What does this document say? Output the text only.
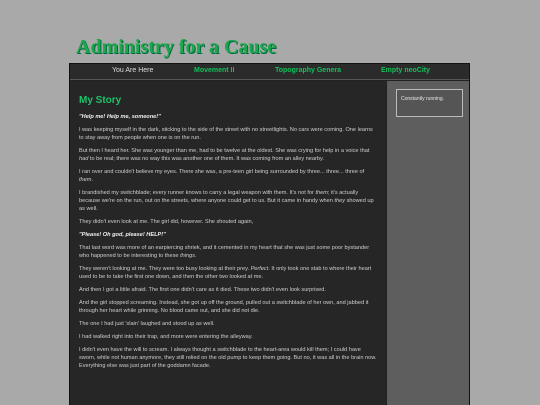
Administry for a Cause
You Are Here	Movement II	Topography Genera	Empty neoCity
My Story

"Help me! Help me, someone!"

I was keeping myself in the dark, sticking to the side of the street with no streetlights. No cars were coming. One learns to stay away from people when one is on the run.

But then I heard her. She was younger than me, had to be twelve at the oldest. She was crying for help in a voice that had to be real; there was no way this was another one of them. It was coming from an alley nearby.

I ran over and couldn't believe my eyes. There she was, a pre-teen girl being surrounded by three... three... three of them.

I brandished my switchblade; every runner knows to carry a legal weapon with them. It's not for them; it's actually because we're on the run, out on the streets, where anyone could get to us. But it came in handy when they showed up as well.

They didn't even look at me. The girl did, however. She shouted again,

"Please! Oh god, please! HELP!"

That last word was more of an earpiercing shriek, and it cemented in my heart that she was just some poor bystander who happened to be interesting to these things.

They weren't looking at me. They were too busy looking at their prey. Perfect. It only took one stab to where their heart used to be to take the first one down, and then the other two looked at me.

And then I got a little afraid. The first one didn't care as it died. These two didn't even look surprised.

And the girl stopped screaming. Instead, she got up off the ground, pulled out a switchblade of her own, and jabbed it through her heart while grinning. No blood came out, and she did not die.

The one I had just 'slain' laughed and stood up as well.

I had walked right into their trap, and more were entering the alleyway.

I didn't even have the will to scream. I always thought a switchblade to the heart-area would kill them; I could have sworn, while not human anymore, they still relied on the old pump to keep them going. But no, it was all in the brain now. Everything else was just part of the goddamn facade.

Constantly running.
